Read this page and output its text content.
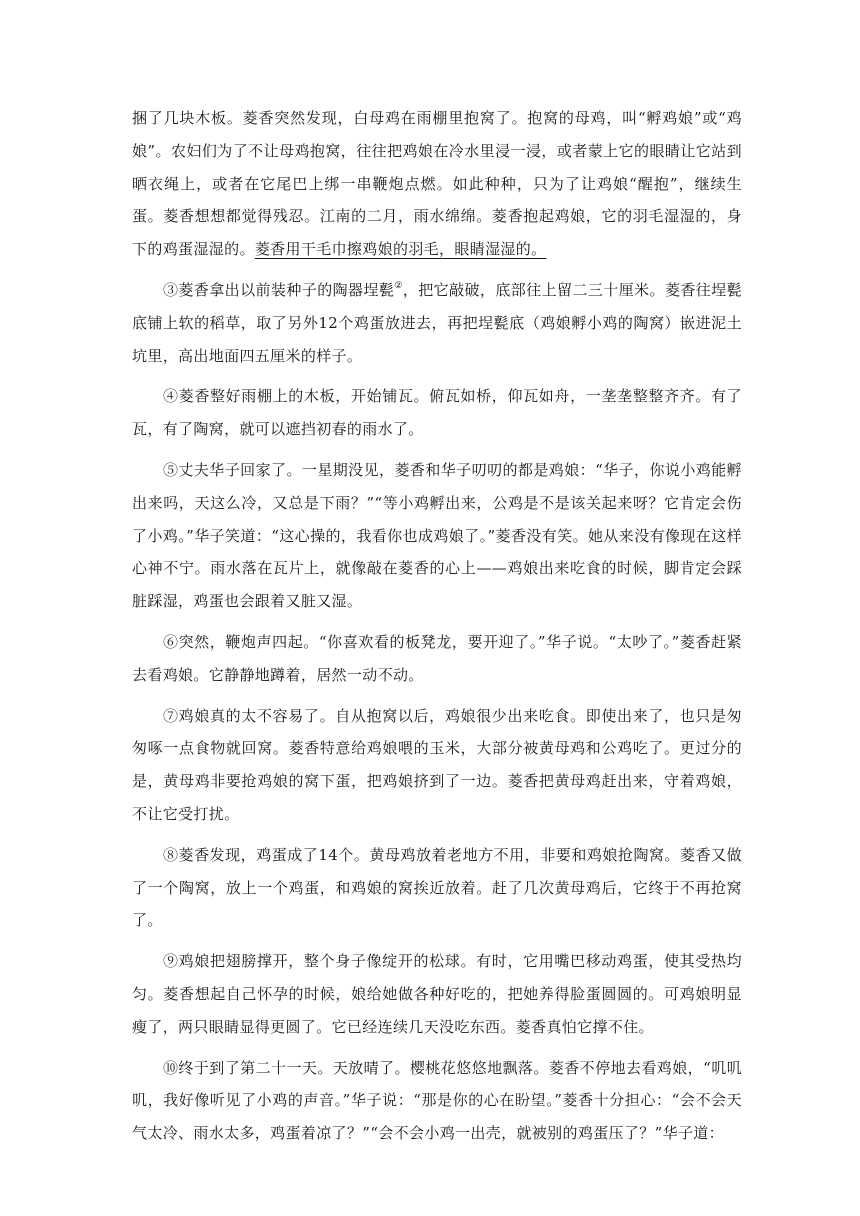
捆了几块木板。菱香突然发现，白母鸡在雨棚里抱窝了。抱窝的母鸡，叫“孵鸡娘”或“鸡娘”。农妇们为了不让母鸡抱窝，往往把鸡娘在冷水里浸一浸，或者蒙上它的眼睛让它站到晒衣绳上，或者在它尾巴上绑一串鞭炮点燃。如此种种，只为了让鸡娘“醒抱”，继续生蛋。菱香想想都觉得残忍。江南的二月，雨水绵绵。菱香抱起鸡娘，它的羽毛湿湿的，身下的鸡蛋湿湿的。菱香用干毛巾擦鸡娘的羽毛，眼睛湿湿的。

③菱香拿出以前装种子的陶器埕甏②，把它敲破，底部往上留二三十厘米。菱香往埕甏底铺上软的稻草，取了另外12个鸡蛋放进去，再把埕甏底（鸡娘孵小鸡的陶窝）嵌进泥土坑里，高出地面四五厘米的样子。

④菱香整好雨棚上的木板，开始铺瓦。俯瓦如桥，仰瓦如舟，一垄垄整整齐齐。有了瓦，有了陶窝，就可以遮挡初春的雨水了。

⑤丈夫华子回家了。一星期没见，菱香和华子叨叨的都是鸡娘：“华子，你说小鸡能孵出来吗，天这么冷，又总是下雨？”“等小鸡孵出来，公鸡是不是该关起来呀？它肯定会伤了小鸡。”华子笑道：“这心操的，我看你也成鸡娘了。”菱香没有笑。她从来没有像现在这样心神不宁。雨水落在瓦片上，就像敲在菱香的心上——鸡娘出来吃食的时候，脚肯定会踩脏踩湿，鸡蛋也会跟着又脏又湿。

⑥突然，鞭炮声四起。“你喜欢看的板凳龙，要开迎了。”华子说。“太吵了。”菱香赶紧去看鸡娘。它静静地蹲着，居然一动不动。

⑦鸡娘真的太不容易了。自从抱窝以后，鸡娘很少出来吃食。即使出来了，也只是匆匆啄一点食物就回窝。菱香特意给鸡娘喂的玉米，大部分被黄母鸡和公鸡吃了。更过分的是，黄母鸡非要抢鸡娘的窝下蛋，把鸡娘挤到了一边。菱香把黄母鸡赶出来，守着鸡娘，不让它受打扰。

⑧菱香发现，鸡蛋成了14个。黄母鸡放着老地方不用，非要和鸡娘抢陶窝。菱香又做了一个陶窝，放上一个鸡蛋，和鸡娘的窝挨近放着。赶了几次黄母鸡后，它终于不再抢窝了。

⑨鸡娘把翅膀撑开，整个身子像绽开的松球。有时，它用嘴巴移动鸡蛋，使其受热均匀。菱香想起自己怀孕的时候，娘给她做各种好吃的，把她养得脸蛋圆圆的。可鸡娘明显瘦了，两只眼睛显得更圆了。它已经连续几天没吃东西。菱香真怕它撑不住。

⑩终于到了第二十一天。天放晴了。樱桃花悠悠地飘落。菱香不停地去看鸡娘，“叽叽叽，我好像听见了小鸡的声音。”华子说：“那是你的心在盼望。”菱香十分担心：“会不会天气太冷、雨水太多，鸡蛋着凉了？”“会不会小鸡一出壳，就被别的鸡蛋压了？”华子道：
